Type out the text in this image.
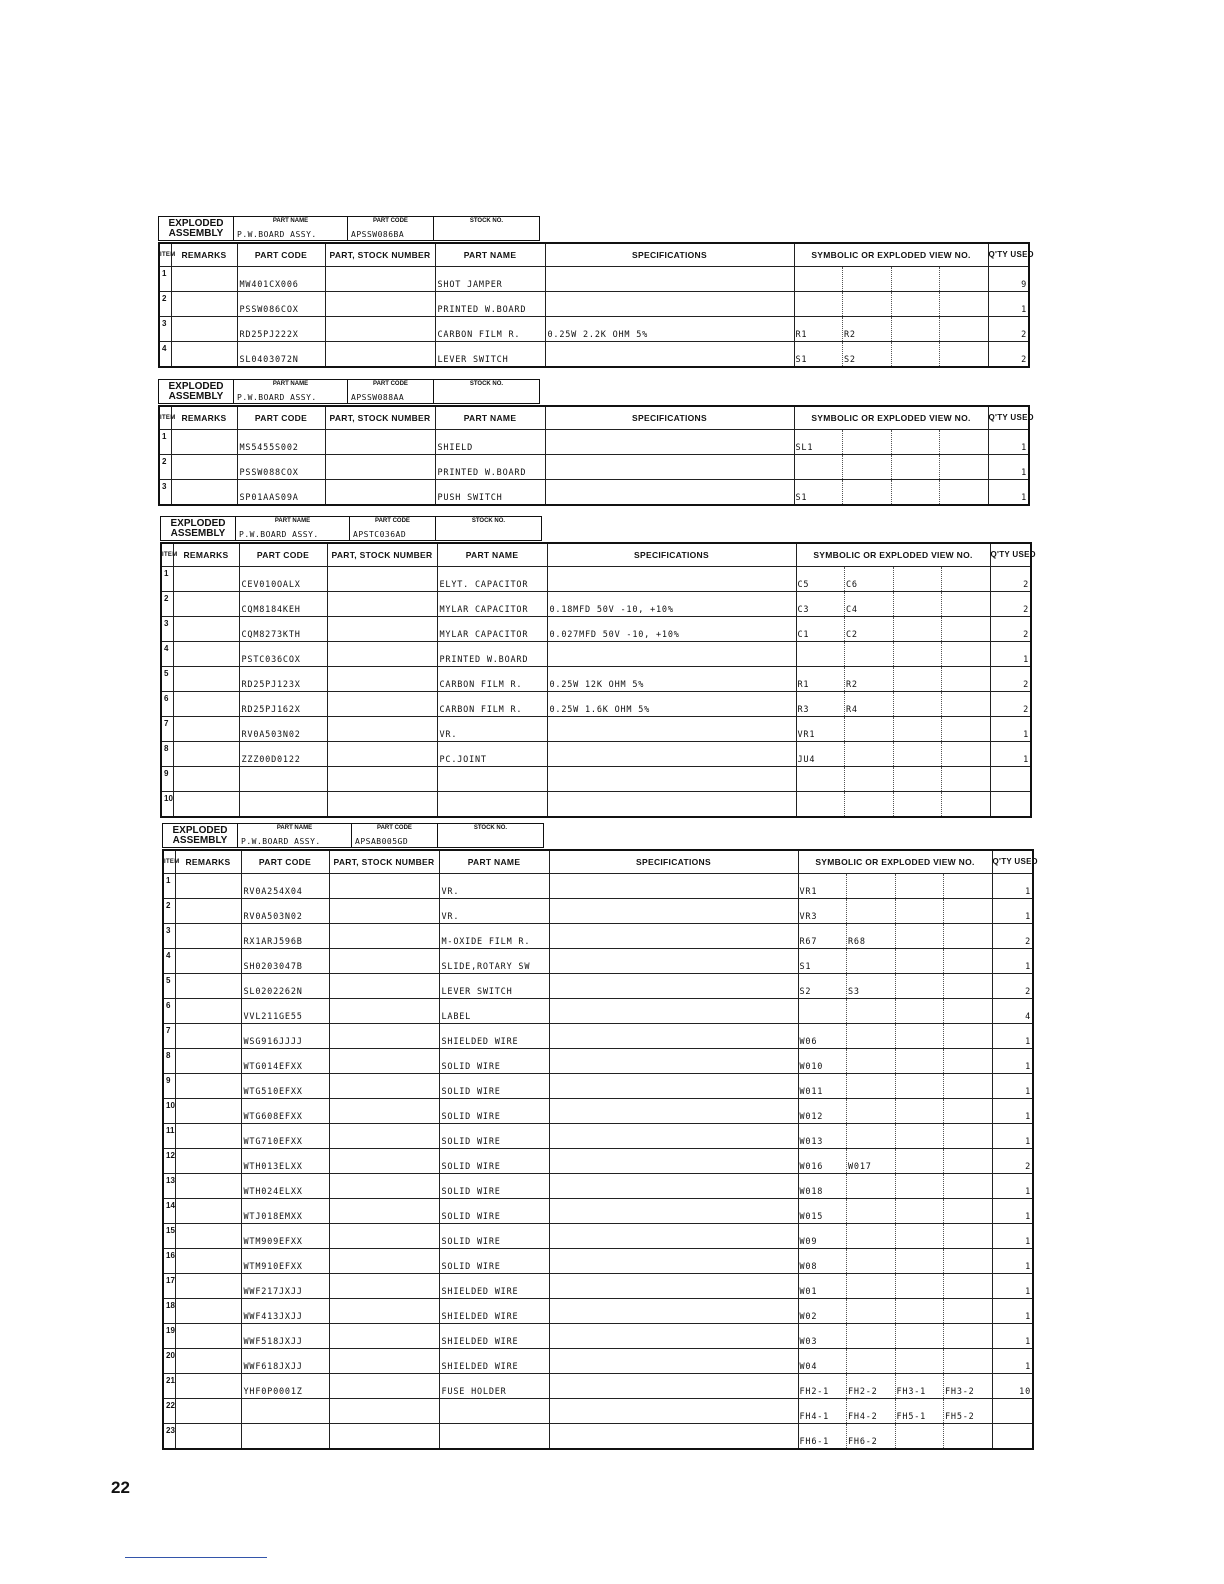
EXPLODED ASSEMBLY
PART NAME
P.W.BOARD ASSY.
PART CODE
APSSW086BA
STOCK NO.
ITEM	REMARKS	PART CODE	PART, STOCK NUMBER	PART NAME	SPECIFICATIONS	SYMBOLIC OR EXPLODED VIEW NO.	Q'TY USED
1		MW401CX006		SHOT JAMPER			9
2		PSSW086COX		PRINTED W.BOARD			1
3		RD25PJ222X		CARBON FILM R.	0.25W 2.2K OHM 5%	R1 R2	2
4		SL0403072N		LEVER SWITCH		S1 S2	2
EXPLODED ASSEMBLY
PART NAME
P.W.BOARD ASSY.
PART CODE
APSSW088AA
STOCK NO.
ITEM	REMARKS	PART CODE	PART, STOCK NUMBER	PART NAME	SPECIFICATIONS	SYMBOLIC OR EXPLODED VIEW NO.	Q'TY USED
1		MS5455S002		SHIELD		SL1	1
2		PSSW088COX		PRINTED W.BOARD			1
3		SP01AAS09A		PUSH SWITCH		S1	1
EXPLODED ASSEMBLY
PART NAME
P.W.BOARD ASSY.
PART CODE
APSTC036AD
STOCK NO.
ITEM	REMARKS	PART CODE	PART, STOCK NUMBER	PART NAME	SPECIFICATIONS	SYMBOLIC OR EXPLODED VIEW NO.	Q'TY USED
1		CEV010OALX		ELYT. CAPACITOR		C5 C6	2
2		CQM8184KEH		MYLAR CAPACITOR	0.18MFD 50V -10, +10%	C3 C4	2
3		CQM8273KTH		MYLAR CAPACITOR	0.027MFD 50V -10, +10%	C1 C2	2
4		PSTC036COX		PRINTED W.BOARD			1
5		RD25PJ123X		CARBON FILM R.	0.25W 12K OHM 5%	R1 R2	2
6		RD25PJ162X		CARBON FILM R.	0.25W 1.6K OHM 5%	R3 R4	2
7		RV0A503N02		VR.		VR1	1
8		ZZZ00D0122		PC.JOINT		JU4	1
9						

10						

EXPLODED ASSEMBLY
PART NAME
P.W.BOARD ASSY.
PART CODE
APSAB005GD
STOCK NO.
ITEM	REMARKS	PART CODE	PART, STOCK NUMBER	PART NAME	SPECIFICATIONS	SYMBOLIC OR EXPLODED VIEW NO.	Q'TY USED
1		RV0A254X04		VR.		VR1	1
2		RV0A503N02		VR.		VR3	1
3		RX1ARJ596B		M-OXIDE FILM R.		R67 R68	2
4		SH0203047B		SLIDE,ROTARY SW		S1	1
5		SL0202262N		LEVER SWITCH		S2 S3	2
6		VVL211GE55		LABEL			4
7		WSG916JJJJ		SHIELDED WIRE		W06	1
8		WTG014EFXX		SOLID WIRE		W010	1
9		WTG510EFXX		SOLID WIRE		W011	1
10		WTG608EFXX		SOLID WIRE		W012	1
11		WTG710EFXX		SOLID WIRE		W013	1
12		WTH013ELXX		SOLID WIRE		W016 W017	2
13		WTH024ELXX		SOLID WIRE		W018	1
14		WTJ018EMXX		SOLID WIRE		W015	1
15		WTM909EFXX		SOLID WIRE		W09	1
16		WTM910EFXX		SOLID WIRE		W08	1
17		WWF217JXJJ		SHIELDED WIRE		W01	1
18		WWF413JXJJ		SHIELDED WIRE		W02	1
19		WWF518JXJJ		SHIELDED WIRE		W03	1
20		WWF618JXJJ		SHIELDED WIRE		W04	1
21		YHF0P0001Z		FUSE HOLDER		FH2-1 FH2-2 FH3-1 FH3-2	10
22						FH4-1 FH4-2 FH5-1 FH5-2	

23						FH6-1 FH6-2	

22
